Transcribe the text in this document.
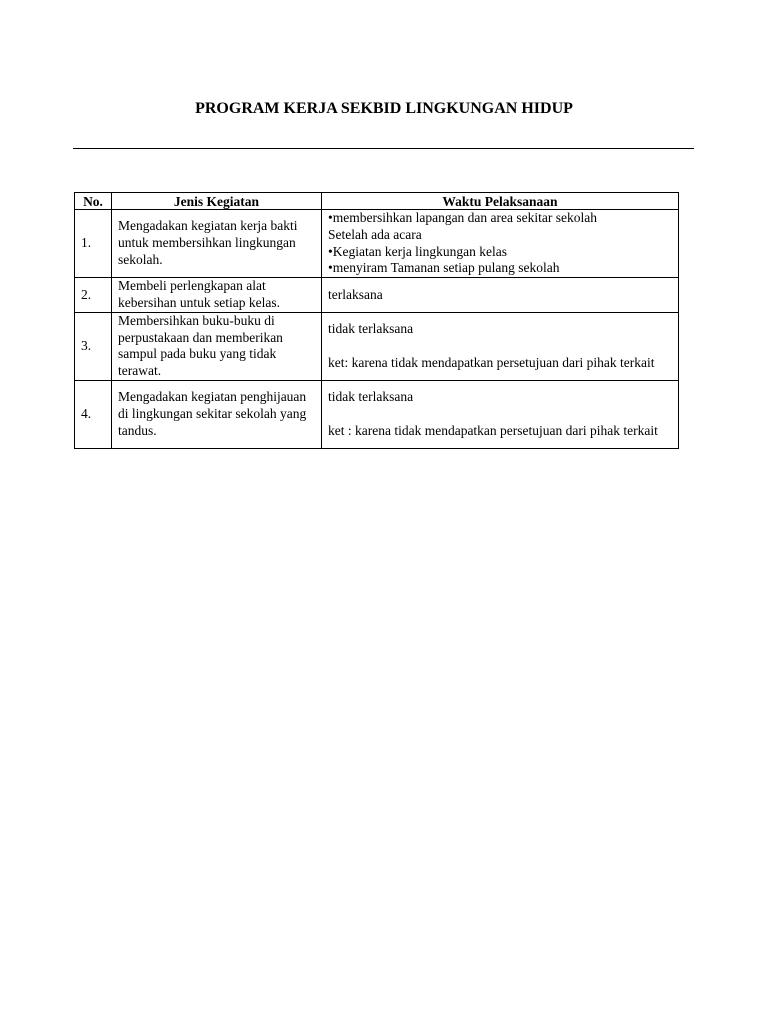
PROGRAM KERJA SEKBID LINGKUNGAN HIDUP
No.	Jenis Kegiatan	Waktu Pelaksanaan
1.	Mengadakan kegiatan kerja bakti untuk membersihkan lingkungan sekolah.	•membersihkan lapangan dan area sekitar sekolah
Setelah ada acara
•Kegiatan kerja lingkungan kelas
•menyiram Tamanan setiap pulang sekolah

2.	Membeli perlengkapan alat kebersihan untuk setiap kelas.	terlaksana

3.	Membersihkan buku-buku di perpustakaan dan memberikan sampul pada buku yang tidak terawat.	tidak terlaksana
ket: karena tidak mendapatkan persetujuan dari pihak terkait

4.	Mengadakan kegiatan penghijauan di lingkungan sekitar sekolah yang tandus.	tidak terlaksana
ket : karena tidak mendapatkan persetujuan dari pihak terkait
